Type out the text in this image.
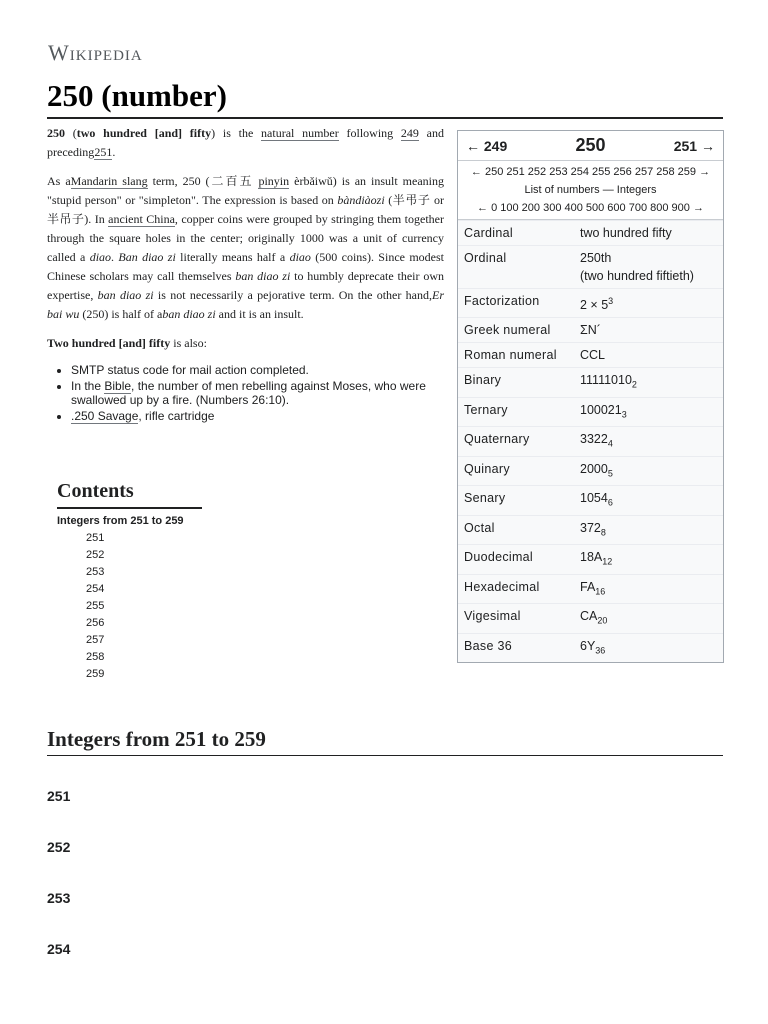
Wikipedia
250 (number)

250 (two hundred [and] fifty) is the natural number following 249 and preceding251.

As aMandarin slang term, 250 (二百五 pinyin èrbǎiwǔ) is an insult meaning "stupid person" or "simpleton". The expression is based on bàndiàozi (半弔子 or 半吊子). In ancient China, copper coins were grouped by stringing them together through the square holes in the center; originally 1000 was a unit of currency called a diao. Ban diao zi literally means half a diao (500 coins). Since modest Chinese scholars may call themselves ban diao zi to humbly deprecate their own expertise, ban diao zi is not necessarily a pejorative term. On the other hand,Er bai wu (250) is half of aban diao zi and it is an insult.

Two hundred [and] fifty is also:

• SMTP status code for mail action completed.
• In the Bible, the number of men rebelling against Moses, who were swallowed up by a fire. (Numbers 26:10).
• .250 Savage, rifle cartridge
← 249	250	251 →
← 250 251 252 253 254 255 256 257 258 259 →
List of numbers — Integers
← 0 100 200 300 400 500 600 700 800 900 →
Cardinal	two hundred fifty
Ordinal	250th
(two hundred fiftieth)
Factorization	$2 \times 5^3$
Greek numeral	ΣΝ´
Roman numeral	CCL
Binary	$11111010_2$
Ternary	$100021_3$
Quaternary	$3322_4$
Quinary	$2000_5$
Senary	$1054_6$
Octal	$372_8$
Duodecimal	$18A_{12}$
Hexadecimal	$FA_{16}$
Vigesimal	$CA_{20}$
Base 36	$6Y_{36}$
Contents
Integers from 251 to 259
251
252
253
254
255
256
257
258
259
Integers from 251 to 259
251
252
253
254
